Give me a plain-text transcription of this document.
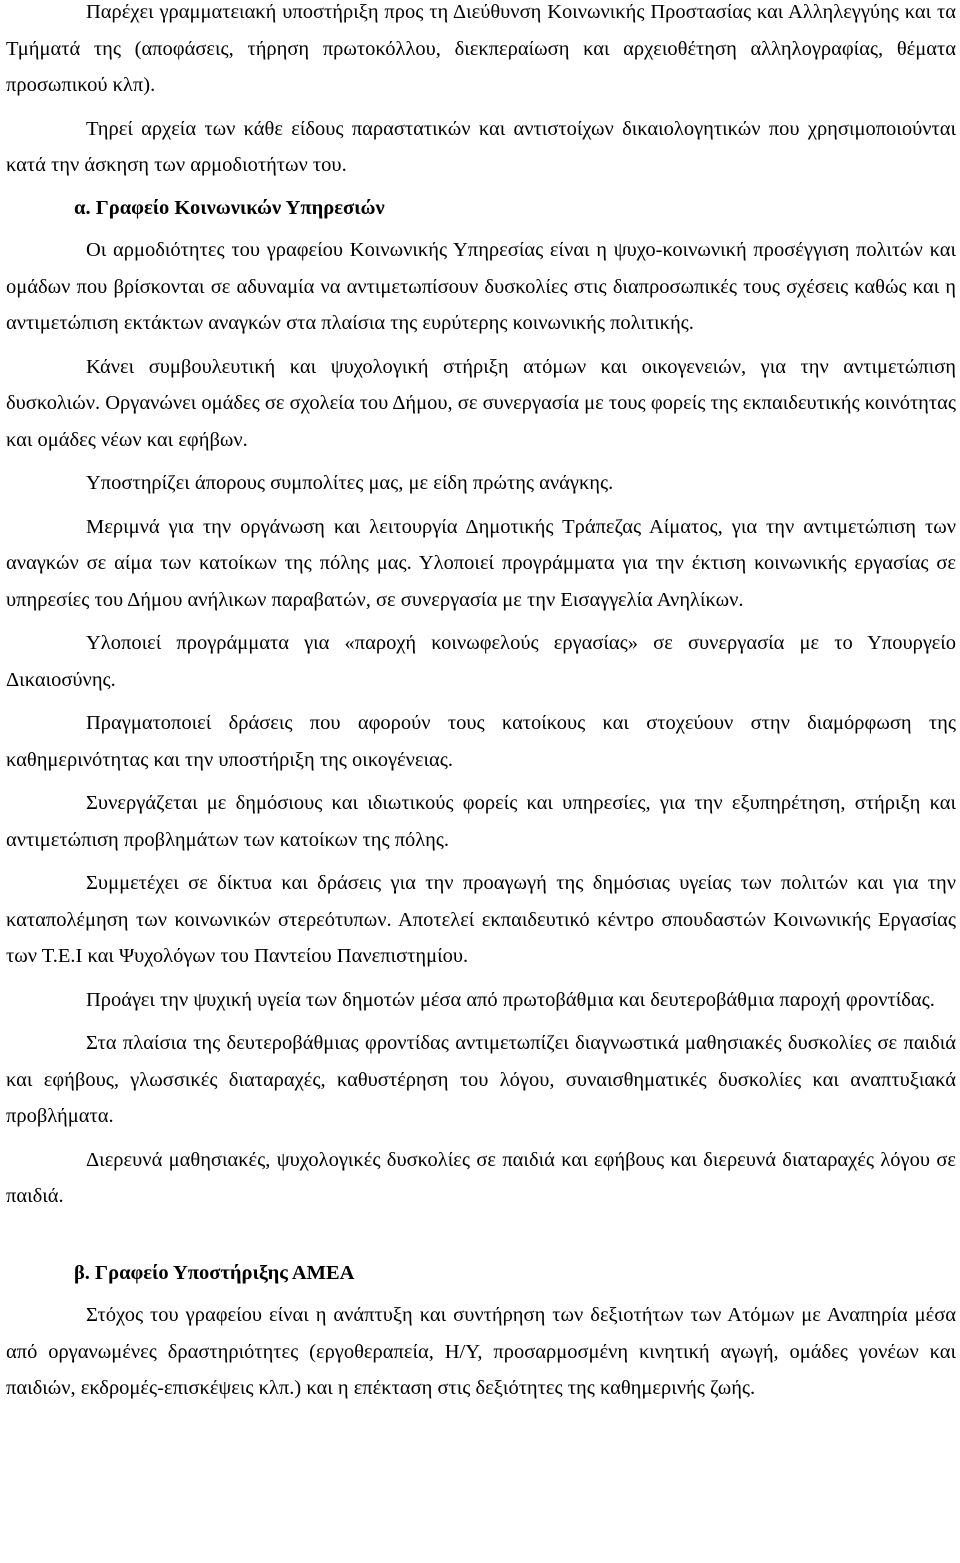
Παρέχει γραμματειακή υποστήριξη προς τη Διεύθυνση Κοινωνικής Προστασίας και Αλληλεγγύης και τα Τμήματά της (αποφάσεις, τήρηση πρωτοκόλλου, διεκπεραίωση και αρχειοθέτηση αλληλογραφίας, θέματα προσωπικού κλπ).

Τηρεί αρχεία των κάθε είδους παραστατικών και αντιστοίχων δικαιολογητικών που χρησιμοποιούνται κατά την άσκηση των αρμοδιοτήτων του.

α. Γραφείο Κοινωνικών Υπηρεσιών

Οι αρμοδιότητες του γραφείου Κοινωνικής Υπηρεσίας είναι η ψυχο-κοινωνική προσέγγιση πολιτών και ομάδων που βρίσκονται σε αδυναμία να αντιμετωπίσουν δυσκολίες στις διαπροσωπικές τους σχέσεις καθώς και η αντιμετώπιση εκτάκτων αναγκών στα πλαίσια της ευρύτερης κοινωνικής πολιτικής.

Κάνει συμβουλευτική και ψυχολογική στήριξη ατόμων και οικογενειών, για την αντιμετώπιση δυσκολιών. Οργανώνει ομάδες σε σχολεία του Δήμου, σε συνεργασία με τους φορείς της εκπαιδευτικής κοινότητας και ομάδες νέων και εφήβων.

Υποστηρίζει άπορους συμπολίτες μας, με είδη πρώτης ανάγκης.

Μεριμνά για την οργάνωση και λειτουργία Δημοτικής Τράπεζας Αίματος, για την αντιμετώπιση των αναγκών σε αίμα των κατοίκων της πόλης μας. Υλοποιεί προγράμματα για την έκτιση κοινωνικής εργασίας σε υπηρεσίες του Δήμου ανήλικων παραβατών, σε συνεργασία με την Εισαγγελία Ανηλίκων.

Υλοποιεί προγράμματα για «παροχή κοινωφελούς εργασίας» σε συνεργασία με το Υπουργείο Δικαιοσύνης.

Πραγματοποιεί δράσεις που αφορούν τους κατοίκους και στοχεύουν στην διαμόρφωση της καθημερινότητας και την υποστήριξη της οικογένειας.

Συνεργάζεται με δημόσιους και ιδιωτικούς φορείς και υπηρεσίες, για την εξυπηρέτηση, στήριξη και αντιμετώπιση προβλημάτων των κατοίκων της πόλης.

Συμμετέχει σε δίκτυα και δράσεις για την προαγωγή της δημόσιας υγείας των πολιτών και για την καταπολέμηση των κοινωνικών στερεότυπων. Αποτελεί εκπαιδευτικό κέντρο σπουδαστών Κοινωνικής Εργασίας των Τ.Ε.Ι και Ψυχολόγων του Παντείου Πανεπιστημίου.

Προάγει την ψυχική υγεία των δημοτών μέσα από πρωτοβάθμια και δευτεροβάθμια παροχή φροντίδας.

Στα πλαίσια της δευτεροβάθμιας φροντίδας αντιμετωπίζει διαγνωστικά μαθησιακές δυσκολίες σε παιδιά και εφήβους, γλωσσικές διαταραχές, καθυστέρηση του λόγου, συναισθηματικές δυσκολίες και αναπτυξιακά προβλήματα.

Διερευνά μαθησιακές, ψυχολογικές δυσκολίες σε παιδιά και εφήβους και διερευνά διαταραχές λόγου σε παιδιά.

β. Γραφείο Υποστήριξης ΑΜΕΑ

Στόχος του γραφείου είναι η ανάπτυξη και συντήρηση των δεξιοτήτων των Ατόμων με Αναπηρία μέσα από οργανωμένες δραστηριότητες (εργοθεραπεία, Η/Υ, προσαρμοσμένη κινητική αγωγή, ομάδες γονέων και παιδιών, εκδρομές-επισκέψεις κλπ.) και η επέκταση στις δεξιότητες της καθημερινής ζωής.
